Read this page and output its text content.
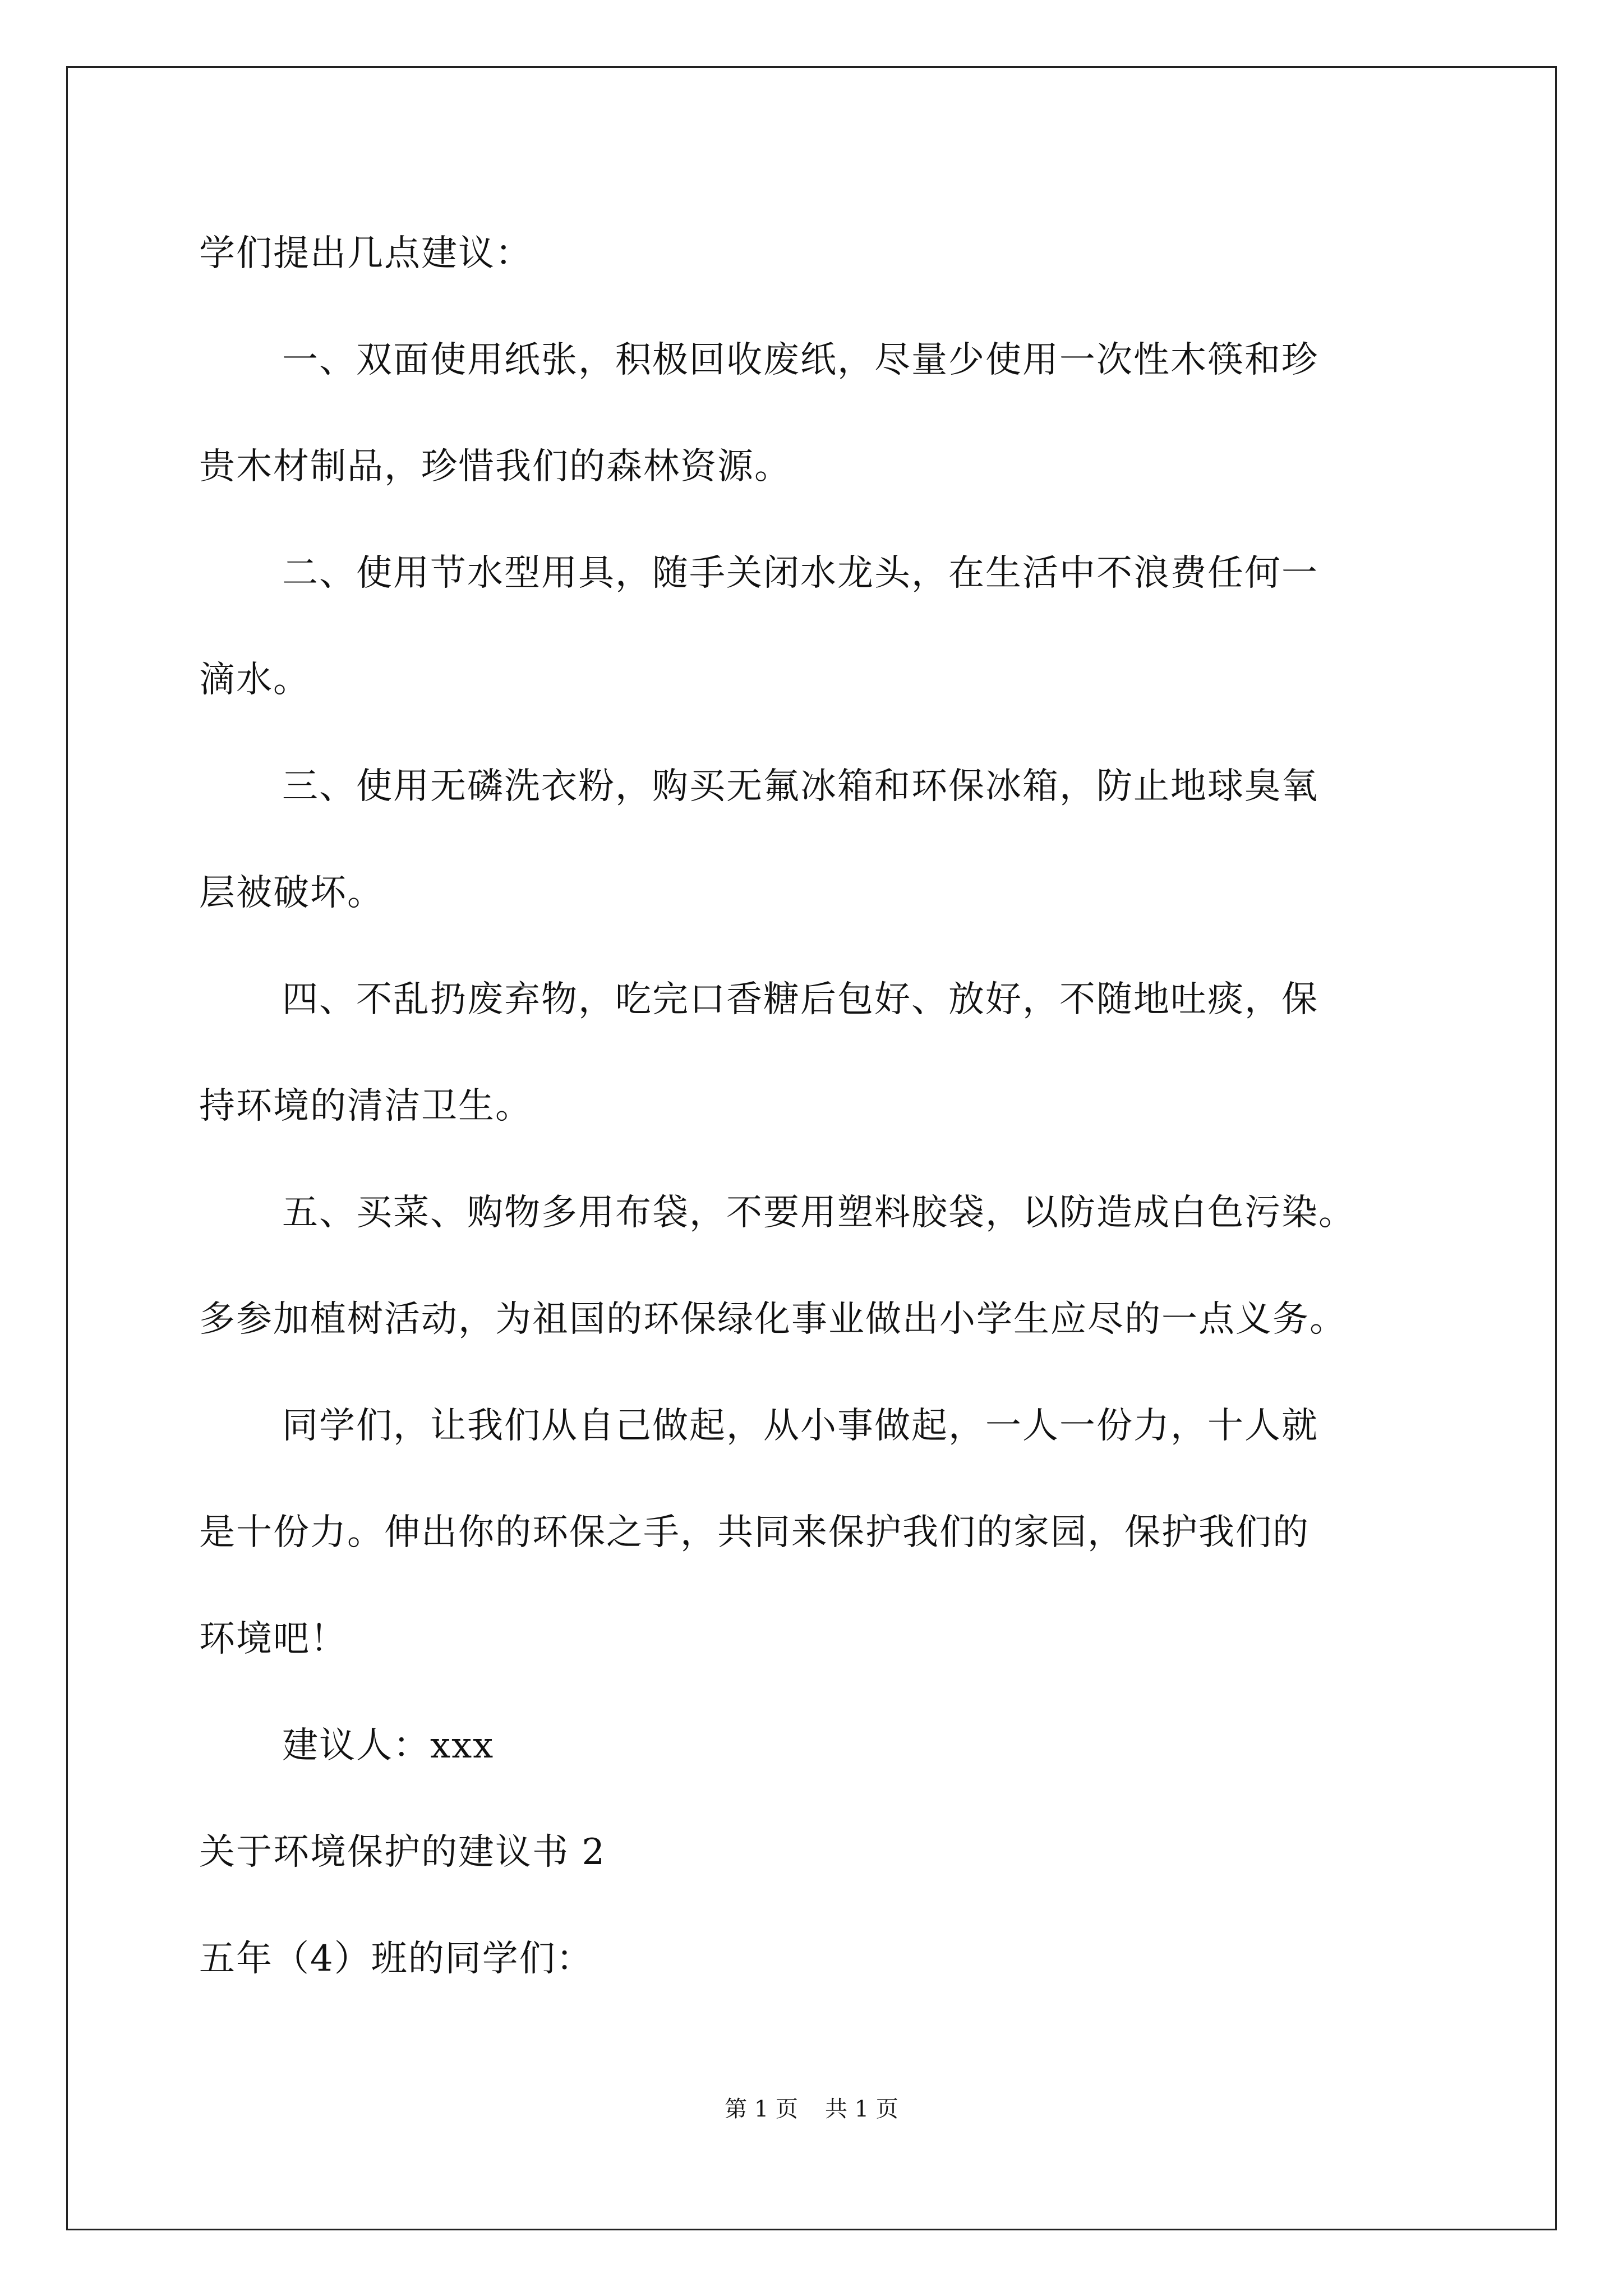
学们提出几点建议：

一、双面使用纸张，积极回收废纸，尽量少使用一次性木筷和珍

贵木材制品，珍惜我们的森林资源。

二、使用节水型用具，随手关闭水龙头，在生活中不浪费任何一

滴水。

三、使用无磷洗衣粉，购买无氟冰箱和环保冰箱，防止地球臭氧

层被破坏。

四、不乱扔废弃物，吃完口香糖后包好、放好，不随地吐痰，保

持环境的清洁卫生。

五、买菜、购物多用布袋，不要用塑料胶袋，以防造成白色污染。

多参加植树活动，为祖国的环保绿化事业做出小学生应尽的一点义务。

同学们，让我们从自己做起，从小事做起，一人一份力，十人就

是十份力。伸出你的环保之手，共同来保护我们的家园，保护我们的

环境吧！

建议人：xxx

关于环境保护的建议书 2

五年（4）班的同学们：

第 1 页 共 1 页
